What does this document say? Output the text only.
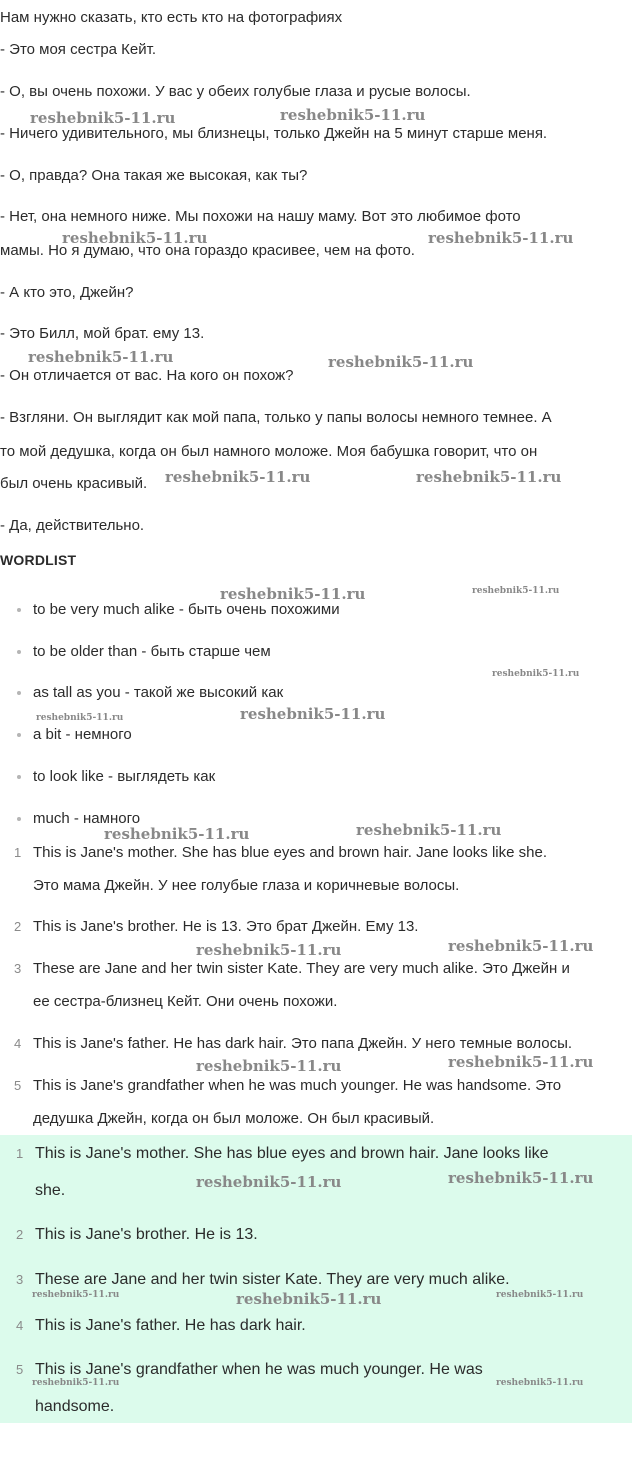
Нам нужно сказать, кто есть кто на фотографиях
- Это моя сестра Кейт.
- О, вы очень похожи. У вас у обеих голубые глаза и русые волосы.
- Ничего удивительного, мы близнецы, только Джейн на 5 минут старше меня.
- О, правда? Она такая же высокая, как ты?
- Нет, она немного ниже. Мы похожи на нашу маму. Вот это любимое фото
мамы. Но я думаю, что она гораздо красивее, чем на фото.
- А кто это, Джейн?
- Это Билл, мой брат. ему 13.
- Он отличается от вас. На кого он похож?
- Взгляни. Он выглядит как мой папа, только у папы волосы немного темнее. А
то мой дедушка, когда он был намного моложе. Моя бабушка говорит, что он
был очень красивый.
- Да, действительно.
WORDLIST
to be very much alike - быть очень похожими
to be older than - быть старше чем
as tall as you - такой же высокий как
a bit - немного
to look like - выглядеть как
much - намного
1 This is Jane's mother. She has blue eyes and brown hair. Jane looks like she.
Это мама Джейн. У нее голубые глаза и коричневые волосы.
2 This is Jane's brother. He is 13. Это брат Джейн. Ему 13.
3 These are Jane and her twin sister Kate. They are very much alike. Это Джейн и
ее сестра-близнец Кейт. Они очень похожи.
4 This is Jane's father. He has dark hair. Это папа Джейн. У него темные волосы.
5 This is Jane's grandfather when he was much younger. He was handsome. Это
дедушка Джейн, когда он был моложе. Он был красивый.
1 This is Jane's mother. She has blue eyes and brown hair. Jane looks like
she.
2 This is Jane's brother. He is 13.
3 These are Jane and her twin sister Kate. They are very much alike.
4 This is Jane's father. He has dark hair.
5 This is Jane's grandfather when he was much younger. He was
handsome.
reshebnik5-11.ru	reshebnik5-11.ru
reshebnik5-11.ru	reshebnik5-11.ru
reshebnik5-11.ru	reshebnik5-11.ru
reshebnik5-11.ru	reshebnik5-11.ru
reshebnik5-11.ru	reshebnik5-11.ru
reshebnik5-11.ru
reshebnik5-11.ru	reshebnik5-11.ru
reshebnik5-11.ru	reshebnik5-11.ru
reshebnik5-11.ru	reshebnik5-11.ru
reshebnik5-11.ru	reshebnik5-11.ru
reshebnik5-11.ru	reshebnik5-11.ru
reshebnik5-11.ru	reshebnik5-11.ru	reshebnik5-11.ru
reshebnik5-11.ru	reshebnik5-11.ru
